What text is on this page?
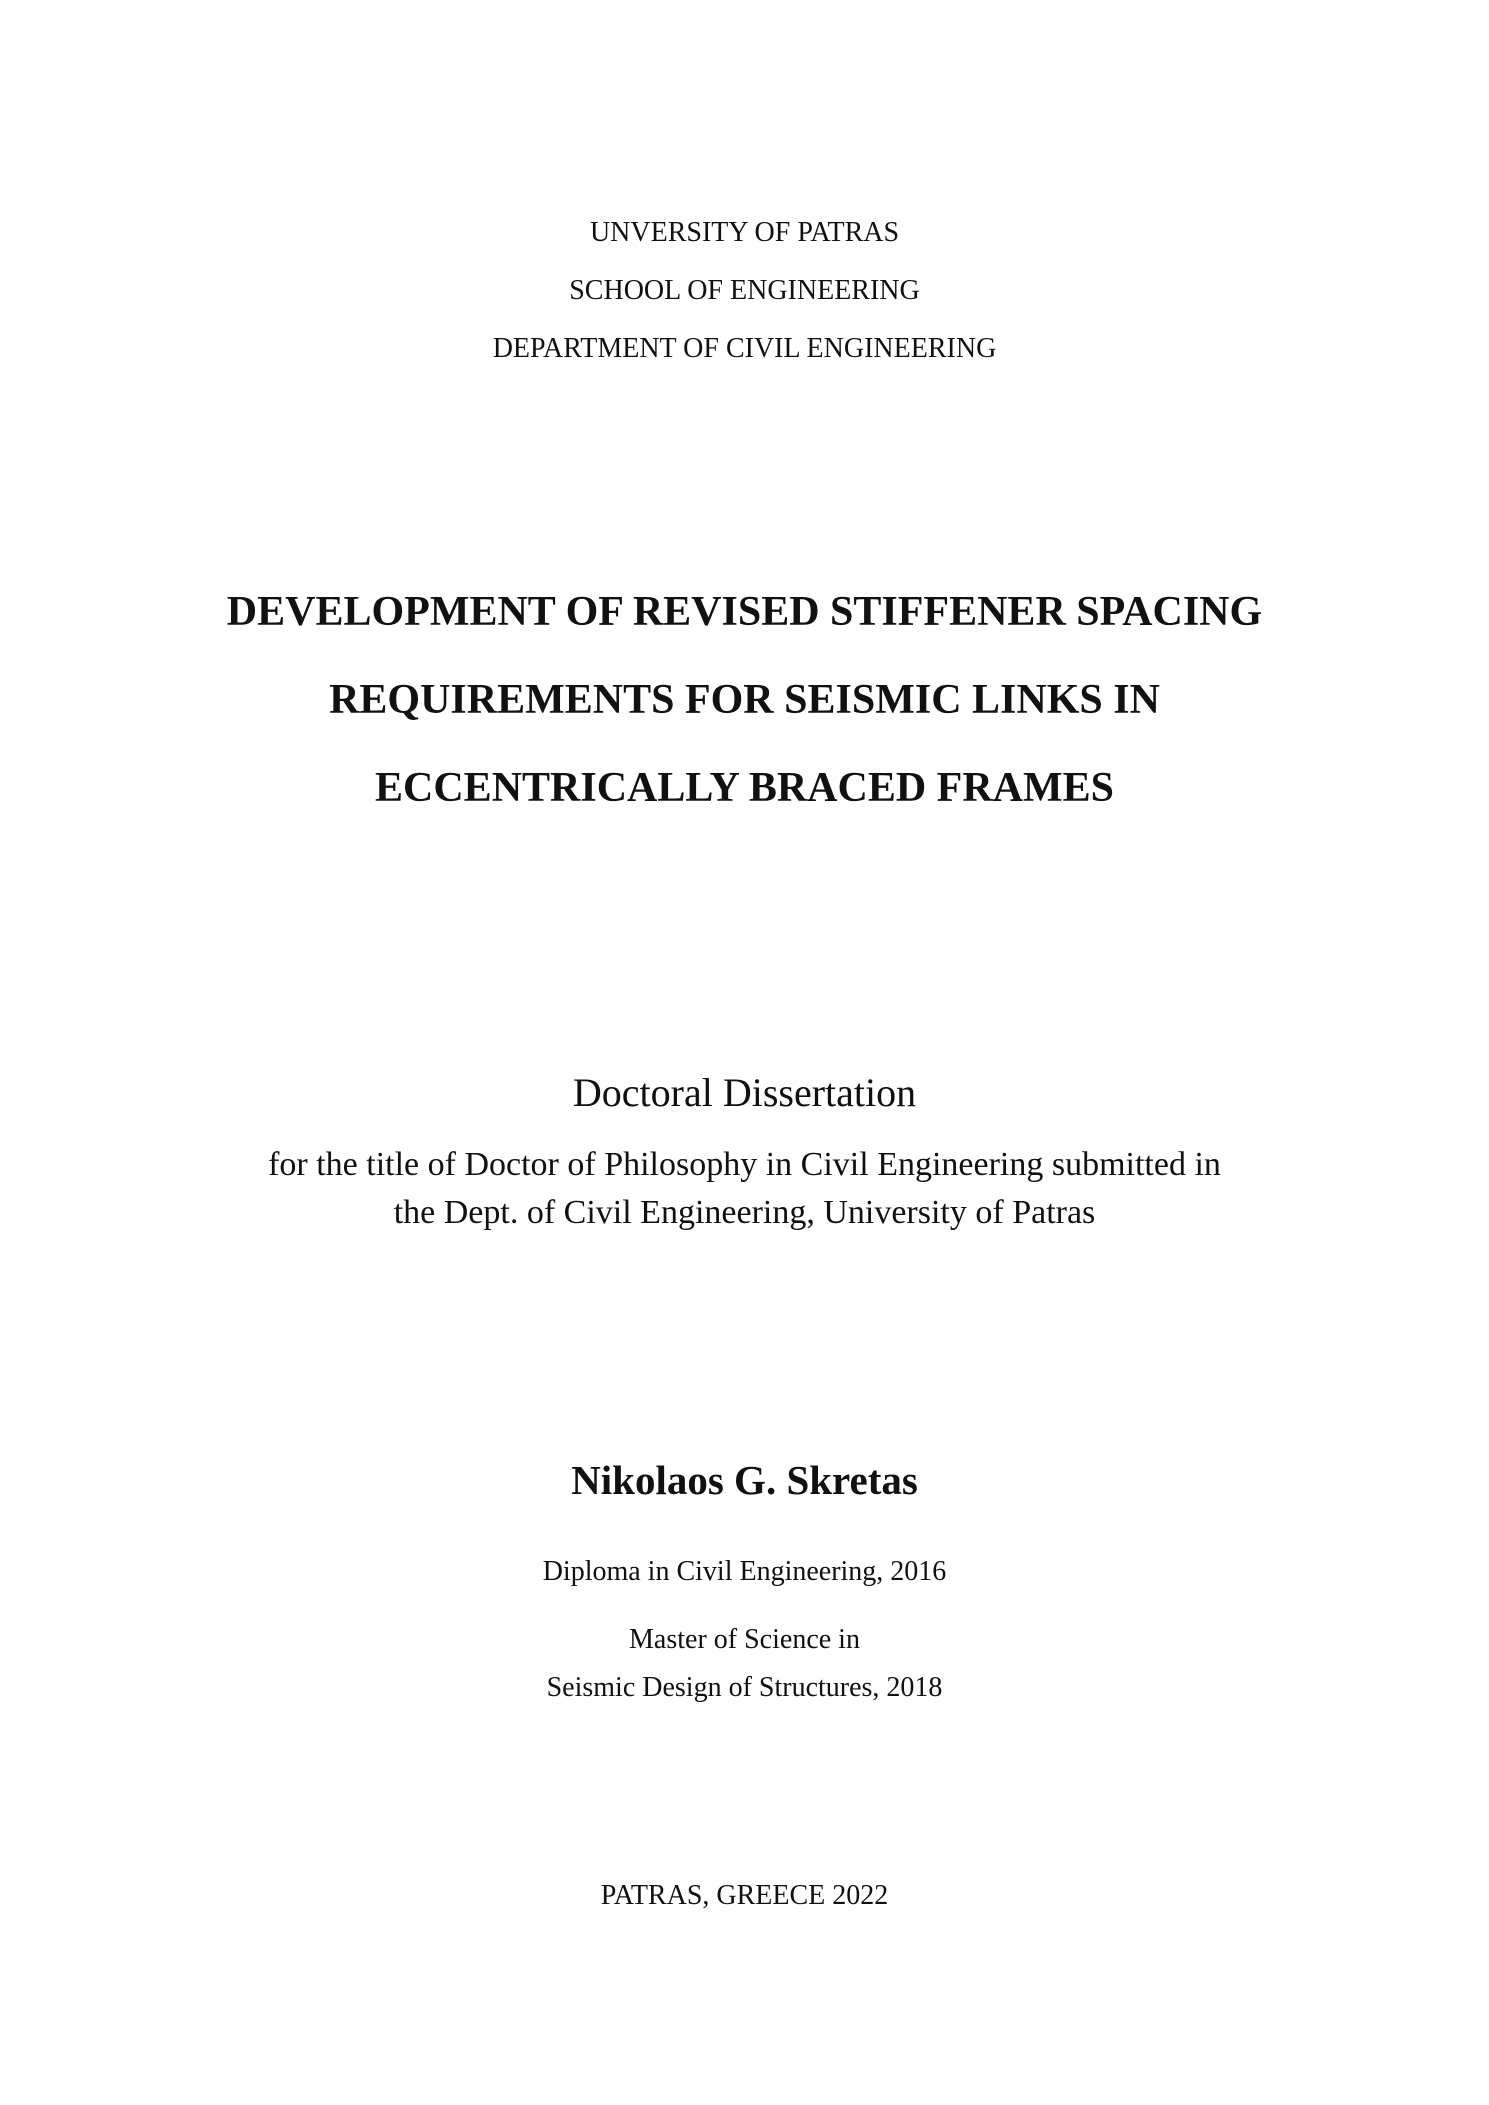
UNVERSITY OF PATRAS
SCHOOL OF ENGINEERING
DEPARTMENT OF CIVIL ENGINEERING
DEVELOPMENT OF REVISED STIFFENER SPACING
REQUIREMENTS FOR SEISMIC LINKS IN
ECCENTRICALLY BRACED FRAMES
Doctoral Dissertation
for the title of Doctor of Philosophy in Civil Engineering submitted in
the Dept. of Civil Engineering, University of Patras
Nikolaos G. Skretas
Diploma in Civil Engineering, 2016
Master of Science in
Seismic Design of Structures, 2018
PATRAS, GREECE 2022
